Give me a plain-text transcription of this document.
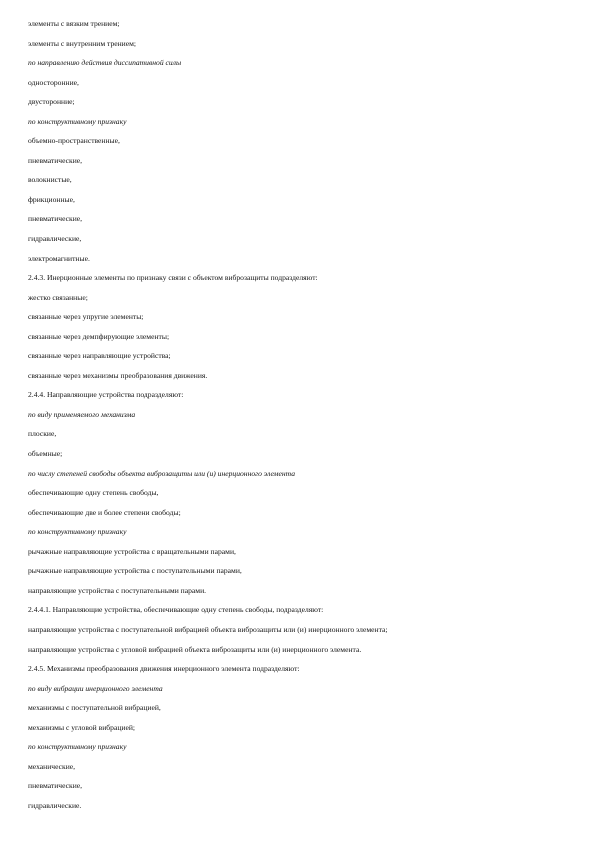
элементы с вязким трением;
элементы с внутренним трением;
по направлению действия диссипативной силы
односторонние,
двусторонние;
по конструктивному признаку
объемно-пространственные,
пневматические,
волокнистые,
фрикционные,
пневматические,
гидравлические,
электромагнитные.
2.4.3. Инерционные элементы по признаку связи с объектом виброзащиты подразделяют:
жестко связанные;
связанные через упругие элементы;
связанные через демпфирующие элементы;
связанные через направляющие устройства;
связанные через механизмы преобразования движения.
2.4.4. Направляющие устройства подразделяют:
по виду применяемого механизма
плоские,
объемные;
по числу степеней свободы объекта виброзащиты или (и) инерционного элемента
обеспечивающие одну степень свободы,
обеспечивающие две и более степени свободы;
по конструктивному признаку
рычажные направляющие устройства с вращательными парами,
рычажные направляющие устройства с поступательными парами,
направляющие устройства с поступательными парами.
2.4.4.1. Направляющие устройства, обеспечивающие одну степень свободы, подразделяют:
направляющие устройства с поступательной вибрацией объекта виброзащиты или (и) инерционного элемента;
направляющие устройства с угловой вибрацией объекта виброзащиты или (и) инерционного элемента.
2.4.5. Механизмы преобразования движения инерционного элемента подразделяют:
по виду вибрации инерционного элемента
механизмы с поступательной вибрацией,
механизмы с угловой вибрацией;
по конструктивному признаку
механические,
пневматические,
гидравлические.
